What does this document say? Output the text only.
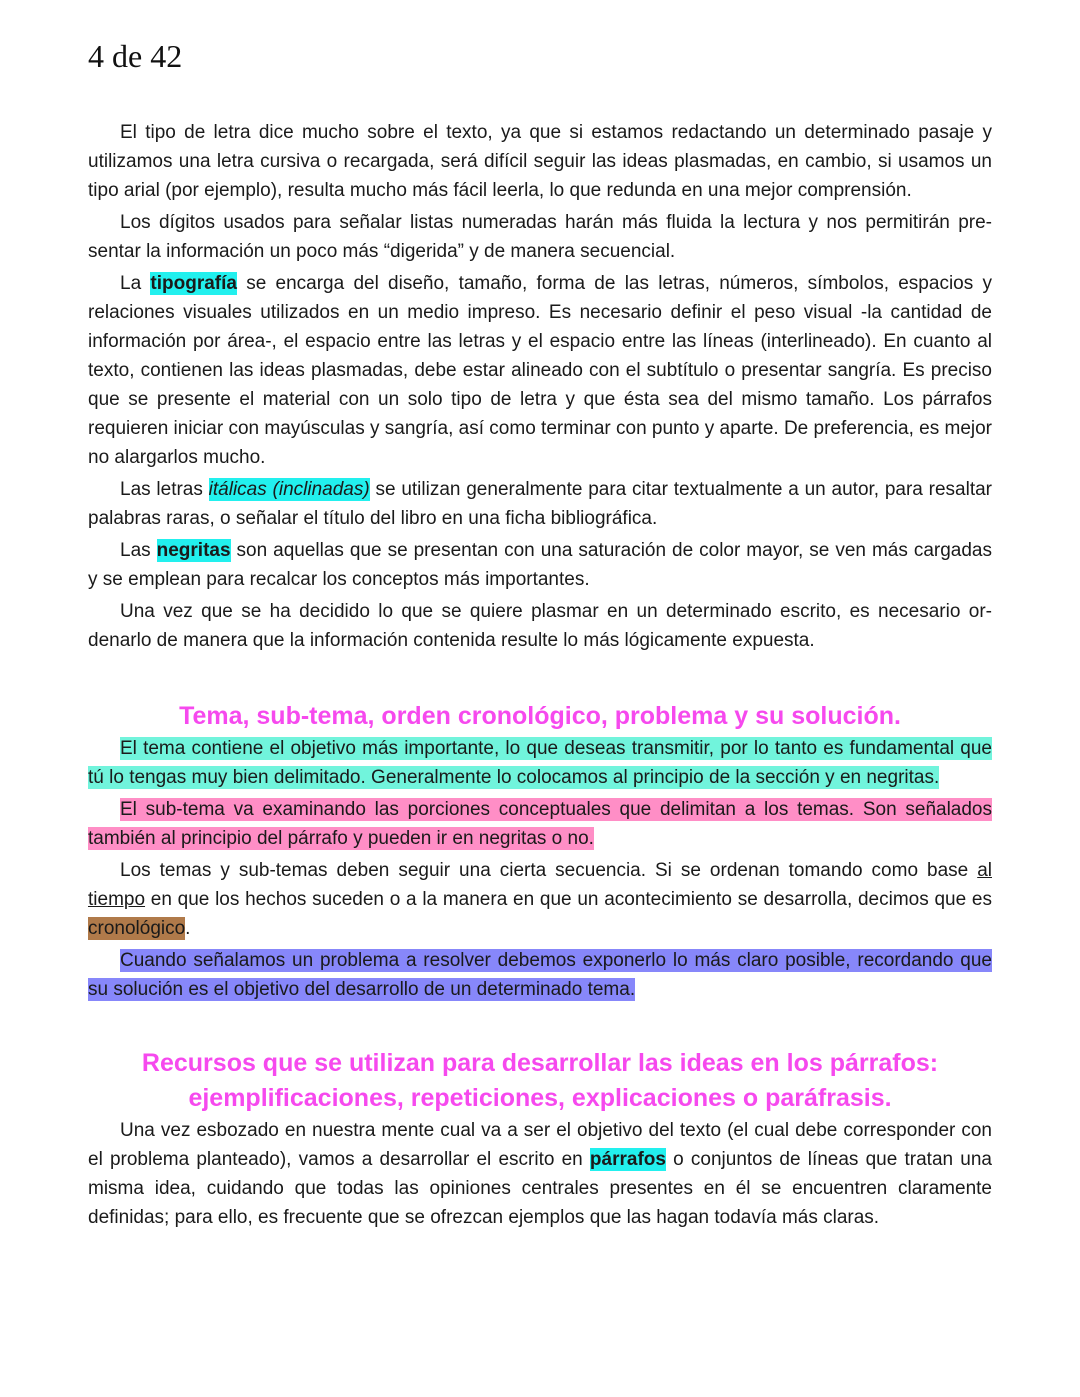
4 de 42

El tipo de letra dice mucho sobre el texto, ya que si estamos redactando un determinado pasaje y utilizamos una letra cursiva o recargada, será difícil seguir las ideas plasmadas, en cambio, si usamos un tipo arial (por ejemplo), resulta mucho más fácil leerla, lo que redunda en una mejor comprensión.

Los dígitos usados para señalar listas numeradas harán más fluida la lectura y nos permitirán presentar la información un poco más “digerida” y de manera secuencial.

La tipografía se encarga del diseño, tamaño, forma de las letras, números, símbolos, espacios y relaciones visuales utilizados en un medio impreso. Es necesario definir el peso visual -la cantidad de información por área-, el espacio entre las letras y el espacio entre las líneas (interlineado). En cuanto al texto, contienen las ideas plasmadas, debe estar alineado con el subtítulo o presentar sangría. Es preciso que se presente el material con un solo tipo de letra y que ésta sea del mismo tamaño. Los párrafos requieren iniciar con mayúsculas y sangría, así como terminar con punto y aparte. De preferencia, es mejor no alargarlos mucho.

Las letras itálicas (inclinadas) se utilizan generalmente para citar textualmente a un autor, para resaltar palabras raras, o señalar el título del libro en una ficha bibliográfica.

Las negritas son aquellas que se presentan con una saturación de color mayor, se ven más cargadas y se emplean para recalcar los conceptos más importantes.

Una vez que se ha decidido lo que se quiere plasmar en un determinado escrito, es necesario ordenarlo de manera que la información contenida resulte lo más lógicamente expuesta.

Tema, sub-tema, orden cronológico, problema y su solución.

El tema contiene el objetivo más importante, lo que deseas transmitir, por lo tanto es fundamental que tú lo tengas muy bien delimitado. Generalmente lo colocamos al principio de la sección y en negritas.

El sub-tema va examinando las porciones conceptuales que delimitan a los temas. Son señalados también al principio del párrafo y pueden ir en negritas o no.

Los temas y sub-temas deben seguir una cierta secuencia. Si se ordenan tomando como base al tiempo en que los hechos suceden o a la manera en que un acontecimiento se desarrolla, decimos que es cronológico.

Cuando señalamos un problema a resolver debemos exponerlo lo más claro posible, recordando que su solución es el objetivo del desarrollo de un determinado tema.

Recursos que se utilizan para desarrollar las ideas en los párrafos:
ejemplificaciones, repeticiones, explicaciones o paráfrasis.

Una vez esbozado en nuestra mente cual va a ser el objetivo del texto (el cual debe corresponder con el problema planteado), vamos a desarrollar el escrito en párrafos o conjuntos de líneas que tratan una misma idea, cuidando que todas las opiniones centrales presentes en él se encuentren claramente definidas; para ello, es frecuente que se ofrezcan ejemplos que las hagan todavía más claras.
